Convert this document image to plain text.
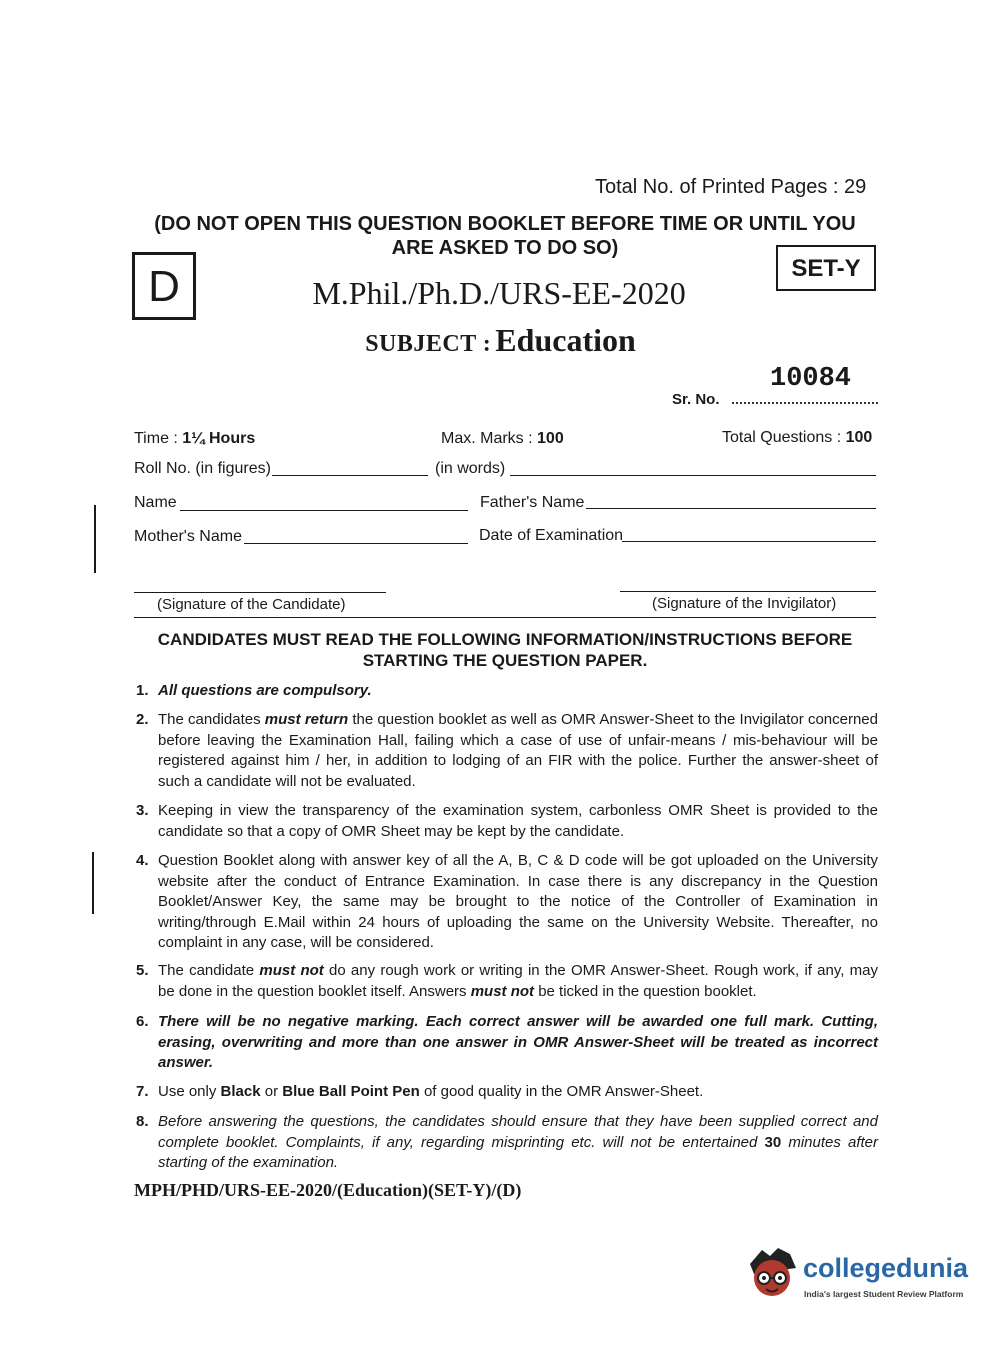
Total No. of Printed Pages : 29
(DO NOT OPEN THIS QUESTION BOOKLET BEFORE TIME OR UNTIL YOU
ARE ASKED TO DO SO)
D	SET-Y
M.Phil./Ph.D./URS-EE-2020
SUBJECT : Education
10084
Sr. No.
Time : 1¼ Hours	Max. Marks : 100	Total Questions : 100
Roll No. (in figures)	(in words)
Name	Father's Name
Mother's Name	Date of Examination
(Signature of the Candidate)	(Signature of the Invigilator)
CANDIDATES MUST READ THE FOLLOWING INFORMATION/INSTRUCTIONS BEFORE
STARTING THE QUESTION PAPER.
1. All questions are compulsory.
2. The candidates must return the question booklet as well as OMR Answer-Sheet to the Invigilator concerned before leaving the Examination Hall, failing which a case of use of unfair-means / mis-behaviour will be registered against him / her, in addition to lodging of an FIR with the police. Further the answer-sheet of such a candidate will not be evaluated.
3. Keeping in view the transparency of the examination system, carbonless OMR Sheet is provided to the candidate so that a copy of OMR Sheet may be kept by the candidate.
4. Question Booklet along with answer key of all the A, B, C & D code will be got uploaded on the University website after the conduct of Entrance Examination. In case there is any discrepancy in the Question Booklet/Answer Key, the same may be brought to the notice of the Controller of Examination in writing/through E.Mail within 24 hours of uploading the same on the University Website. Thereafter, no complaint in any case, will be considered.
5. The candidate must not do any rough work or writing in the OMR Answer-Sheet. Rough work, if any, may be done in the question booklet itself. Answers must not be ticked in the question booklet.
6. There will be no negative marking. Each correct answer will be awarded one full mark. Cutting, erasing, overwriting and more than one answer in OMR Answer-Sheet will be treated as incorrect answer.
7. Use only Black or Blue Ball Point Pen of good quality in the OMR Answer-Sheet.
8. Before answering the questions, the candidates should ensure that they have been supplied correct and complete booklet. Complaints, if any, regarding misprinting etc. will not be entertained 30 minutes after starting of the examination.
MPH/PHD/URS-EE-2020/(Education)(SET-Y)/(D)
collegedunia
India's largest Student Review Platform
